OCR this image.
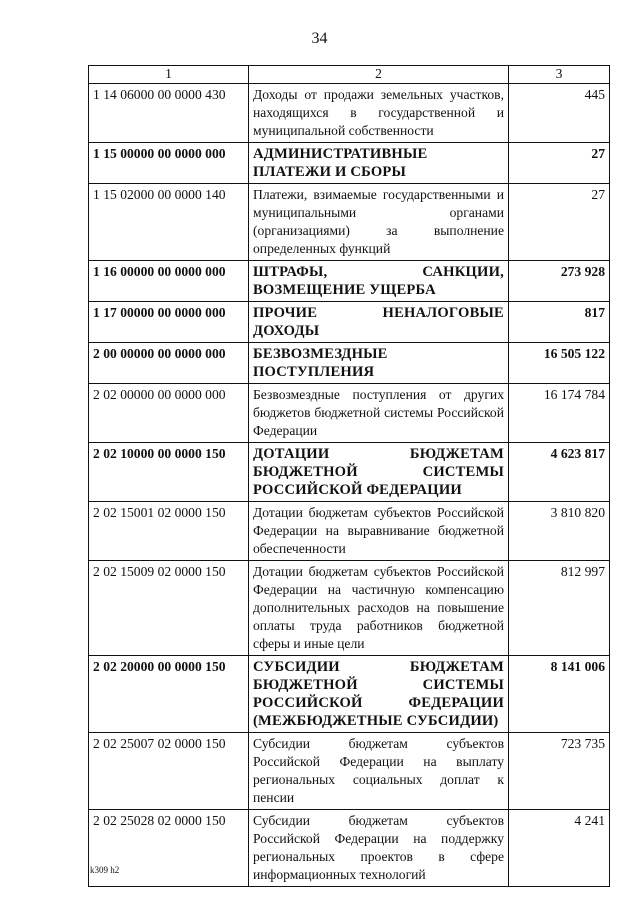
34
1	2	3
1 14 06000 00 0000 430	Доходы от продажи земельных участков, находящихся в государственной и муниципальной собственности	445
1 15 00000 00 0000 000	АДМИНИСТРАТИВНЫЕ ПЛАТЕЖИ И СБОРЫ	27
1 15 02000 00 0000 140	Платежи, взимаемые государственными и муниципальными органами (организациями) за выполнение определенных функций	27
1 16 00000 00 0000 000	ШТРАФЫ, САНКЦИИ, ВОЗМЕЩЕНИЕ УЩЕРБА	273 928
1 17 00000 00 0000 000	ПРОЧИЕ НЕНАЛОГОВЫЕ ДОХОДЫ	817
2 00 00000 00 0000 000	БЕЗВОЗМЕЗДНЫЕ ПОСТУПЛЕНИЯ	16 505 122
2 02 00000 00 0000 000	Безвозмездные поступления от других бюджетов бюджетной системы Российской Федерации	16 174 784
2 02 10000 00 0000 150	ДОТАЦИИ БЮДЖЕТАМ БЮДЖЕТНОЙ СИСТЕМЫ РОССИЙСКОЙ ФЕДЕРАЦИИ	4 623 817
2 02 15001 02 0000 150	Дотации бюджетам субъектов Российской Федерации на выравнивание бюджетной обеспеченности	3 810 820
2 02 15009 02 0000 150	Дотации бюджетам субъектов Российской Федерации на частичную компенсацию дополнительных расходов на повышение оплаты труда работников бюджетной сферы и иные цели	812 997
2 02 20000 00 0000 150	СУБСИДИИ БЮДЖЕТАМ БЮДЖЕТНОЙ СИСТЕМЫ РОССИЙСКОЙ ФЕДЕРАЦИИ (МЕЖБЮДЖЕТНЫЕ СУБСИДИИ)	8 141 006
2 02 25007 02 0000 150	Субсидии бюджетам субъектов Российской Федерации на выплату региональных социальных доплат к пенсии	723 735
2 02 25028 02 0000 150	Субсидии бюджетам субъектов Российской Федерации на поддержку региональных проектов в сфере информационных технологий	4 241
k309 h2
